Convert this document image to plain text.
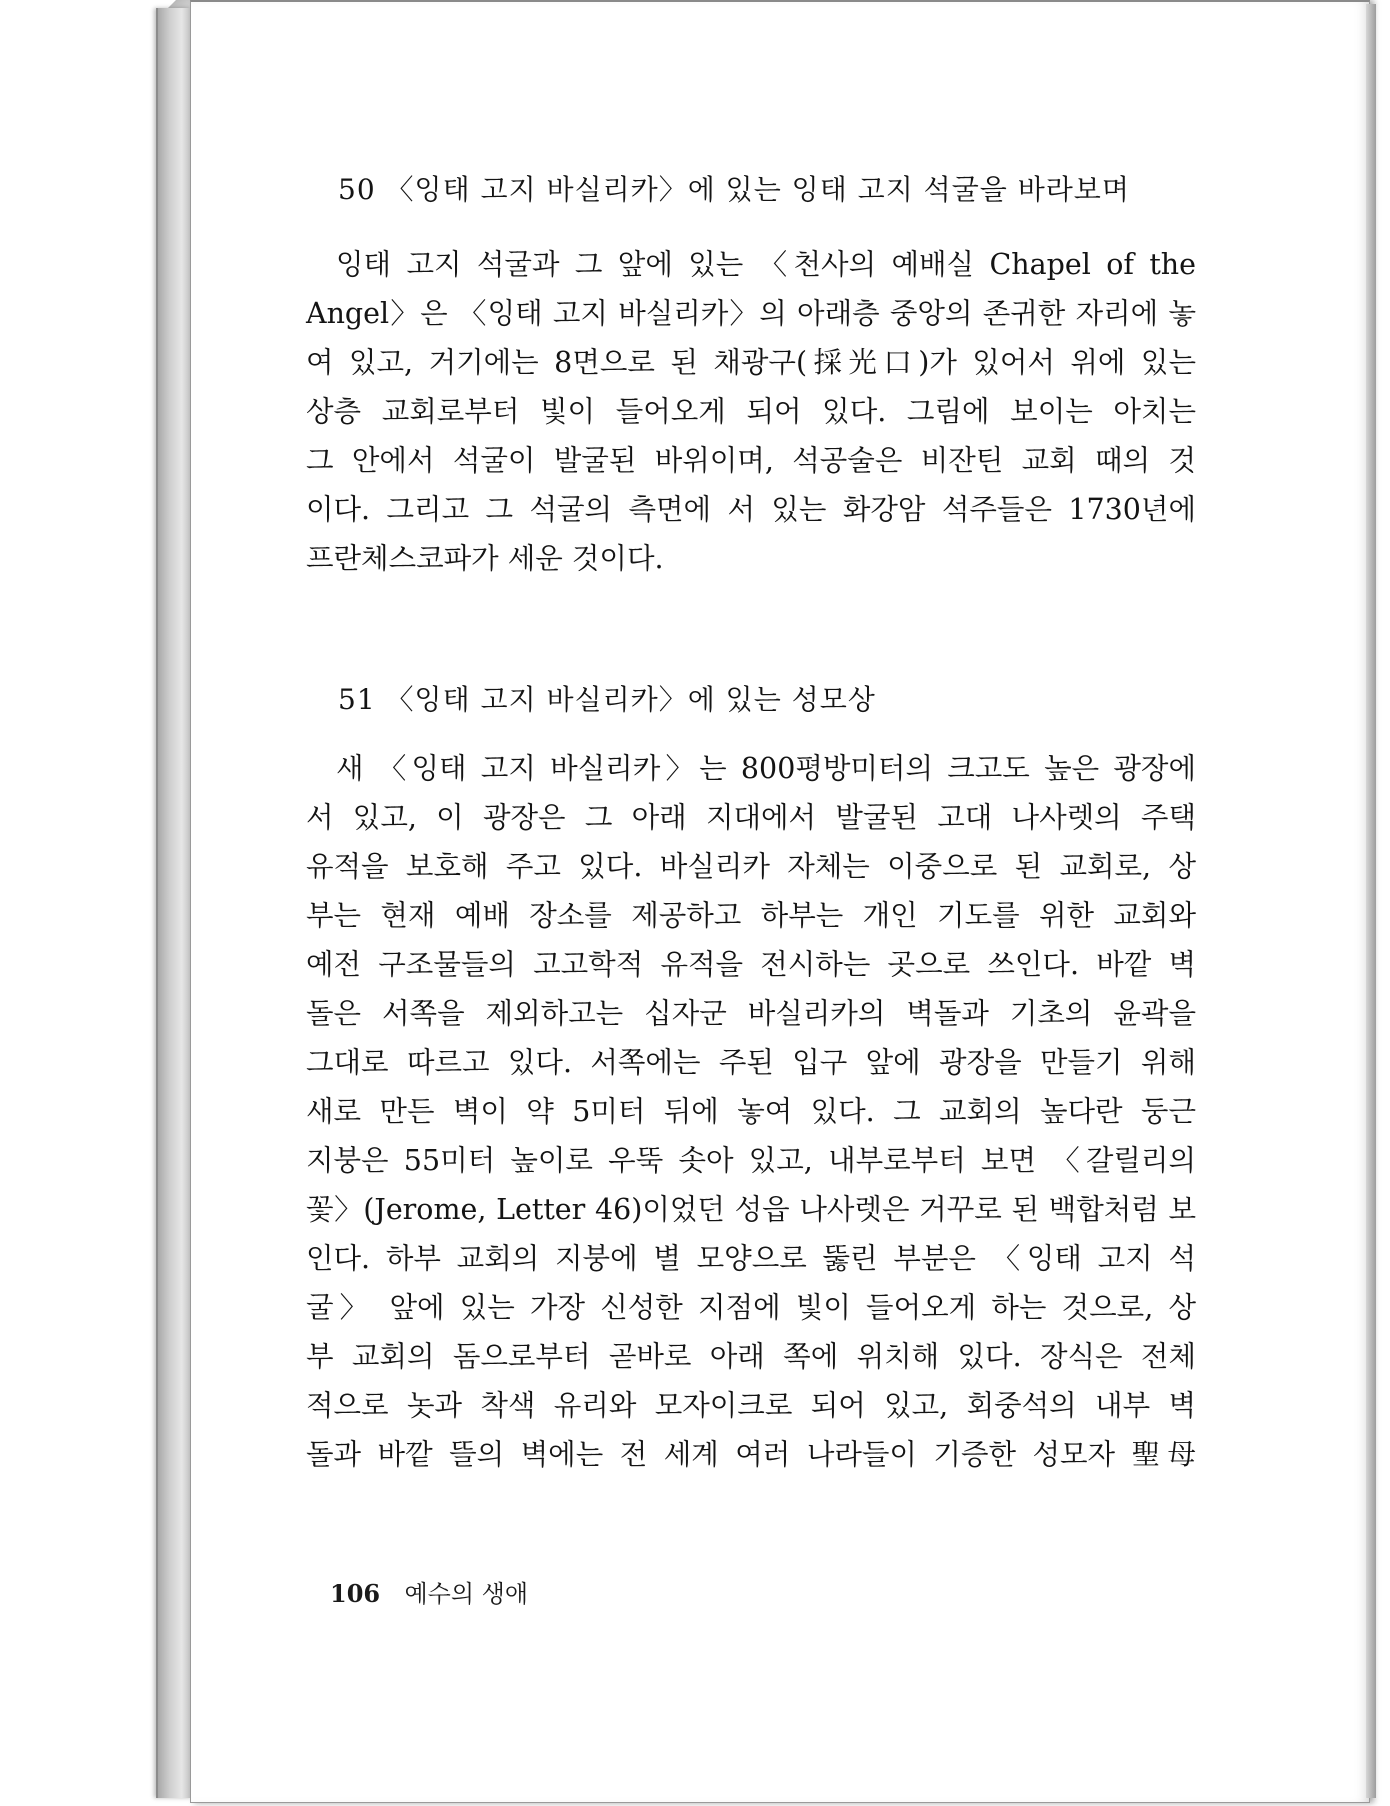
50 〈잉태 고지 바실리카〉에 있는 잉태 고지 석굴을 바라보며
잉태 고지 석굴과 그 앞에 있는 〈천사의 예배실 Chapel of the
Angel〉은 〈잉태 고지 바실리카〉의 아래층 중앙의 존귀한 자리에 놓
여 있고, 거기에는 8면으로 된 채광구(採光口)가 있어서 위에 있는
상층 교회로부터 빛이 들어오게 되어 있다. 그림에 보이는 아치는
그 안에서 석굴이 발굴된 바위이며, 석공술은 비잔틴 교회 때의 것
이다. 그리고 그 석굴의 측면에 서 있는 화강암 석주들은 1730년에
프란체스코파가 세운 것이다.
51 〈잉태 고지 바실리카〉에 있는 성모상
새 〈잉태 고지 바실리카〉는 800평방미터의 크고도 높은 광장에
서 있고, 이 광장은 그 아래 지대에서 발굴된 고대 나사렛의 주택
유적을 보호해 주고 있다. 바실리카 자체는 이중으로 된 교회로, 상
부는 현재 예배 장소를 제공하고 하부는 개인 기도를 위한 교회와
예전 구조물들의 고고학적 유적을 전시하는 곳으로 쓰인다. 바깥 벽
돌은 서쪽을 제외하고는 십자군 바실리카의 벽돌과 기초의 윤곽을
그대로 따르고 있다. 서쪽에는 주된 입구 앞에 광장을 만들기 위해
새로 만든 벽이 약 5미터 뒤에 놓여 있다. 그 교회의 높다란 둥근
지붕은 55미터 높이로 우뚝 솟아 있고, 내부로부터 보면 〈갈릴리의
꽃〉(Jerome, Letter 46)이었던 성읍 나사렛은 거꾸로 된 백합처럼 보
인다. 하부 교회의 지붕에 별 모양으로 뚫린 부분은 〈잉태 고지 석
굴〉 앞에 있는 가장 신성한 지점에 빛이 들어오게 하는 것으로, 상
부 교회의 돔으로부터 곧바로 아래 쪽에 위치해 있다. 장식은 전체
적으로 놋과 착색 유리와 모자이크로 되어 있고, 회중석의 내부 벽
돌과 바깥 뜰의 벽에는 전 세계 여러 나라들이 기증한 성모자 聖母
106 예수의 생애
